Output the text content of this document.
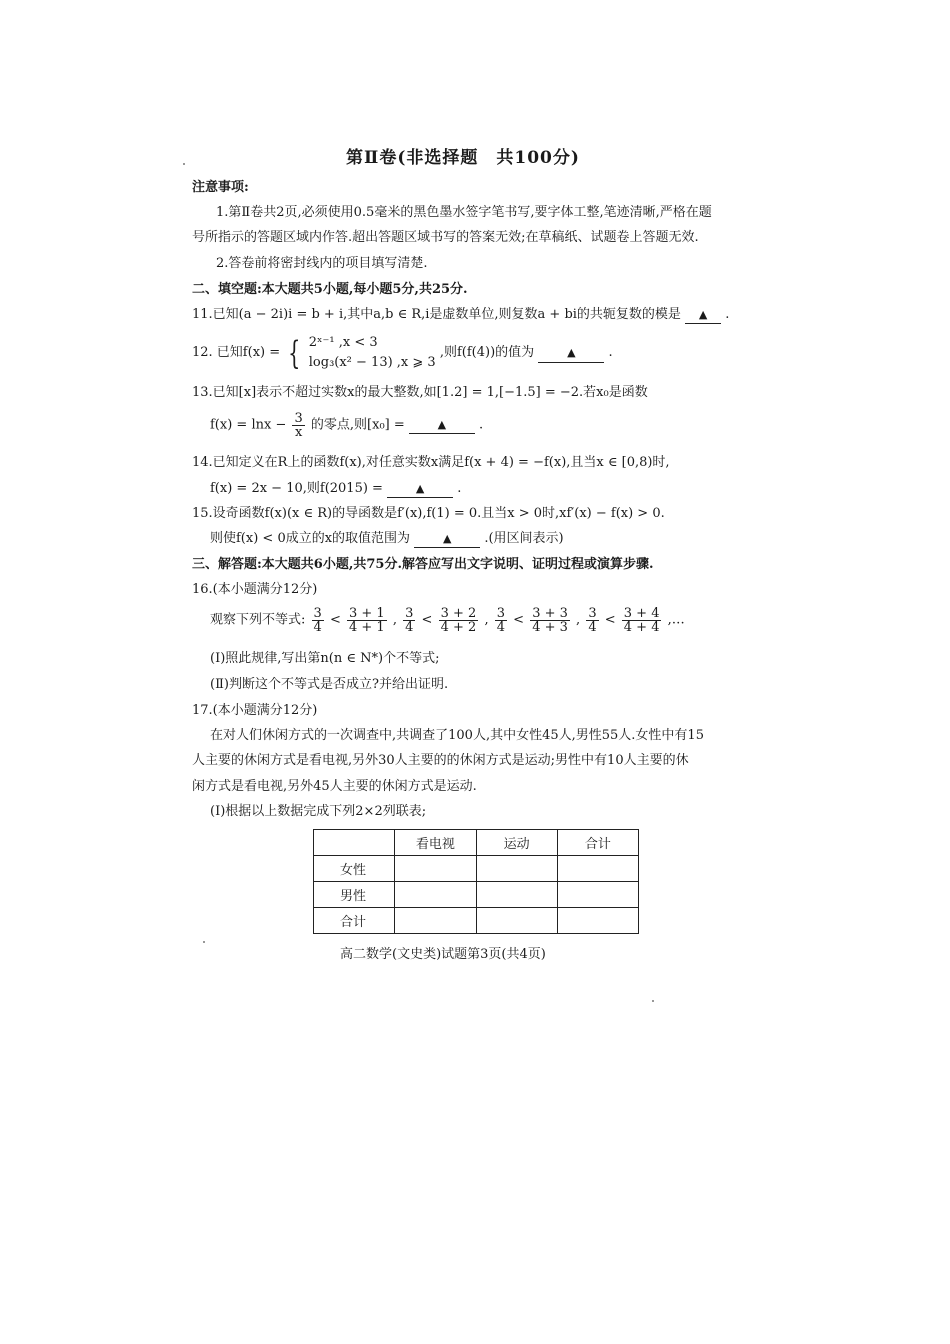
第Ⅱ卷(非选择题　共100分)
注意事项:
1.第Ⅱ卷共2页,必须使用0.5毫米的黑色墨水签字笔书写,要字体工整,笔迹清晰,严格在题
号所指示的答题区域内作答.超出答题区域书写的答案无效;在草稿纸、试题卷上答题无效.
2.答卷前将密封线内的项目填写清楚.
二、填空题:本大题共5小题,每小题5分,共25分.
11.已知(a − 2i)i = b + i,其中a,b ∈ R,i是虚数单位,则复数a + bi的共轭复数的模是 ▲ .
12. 已知f(x) = { 2ˣ⁻¹ ,x < 3
log₃(x² − 13) ,x ⩾ 3
,则f(f(4))的值为	▲	.
13.已知[x]表示不超过实数x的最大整数,如[1.2] = 1,[−1.5] = −2.若x₀是函数
$f(x) = \ln x - \frac{3}{x}$ 的零点,则[x₀] =	▲	.
14.已知定义在R上的函数f(x),对任意实数x满足f(x + 4) = −f(x),且当x ∈ [0,8)时,
f(x) = 2x − 10,则f(2015) =	▲	.
15.设奇函数f(x)(x ∈ R)的导函数是f′(x),f(1) = 0.且当x > 0时,xf′(x) − f(x) > 0.
则使f(x) < 0成立的x的取值范围为	▲	.(用区间表示)
三、解答题:本大题共6小题,共75分.解答应写出文字说明、证明过程或演算步骤.
16.(本小题满分12分)
观察下列不等式: $\frac{3}{4} < \frac{3 + 1}{4 + 1}$ , $\frac{3}{4} < \frac{3 + 2}{4 + 2}$ , $\frac{3}{4} < \frac{3 + 3}{4 + 3}$ , $\frac{3}{4} < \frac{3 + 4}{4 + 4}$ ,…
(Ⅰ)照此规律,写出第n(n ∈ N*)个不等式;
(Ⅱ)判断这个不等式是否成立?并给出证明.
17.(本小题满分12分)
在对人们休闲方式的一次调查中,共调查了100人,其中女性45人,男性55人.女性中有15
人主要的休闲方式是看电视,另外30人主要的的休闲方式是运动;男性中有10人主要的休
闲方式是看电视,另外45人主要的休闲方式是运动.
(Ⅰ)根据以上数据完成下列2×2列联表;
	看电视	运动	合计
女性			
男性			
合计			
高二数学(文史类)试题第3页(共4页)
